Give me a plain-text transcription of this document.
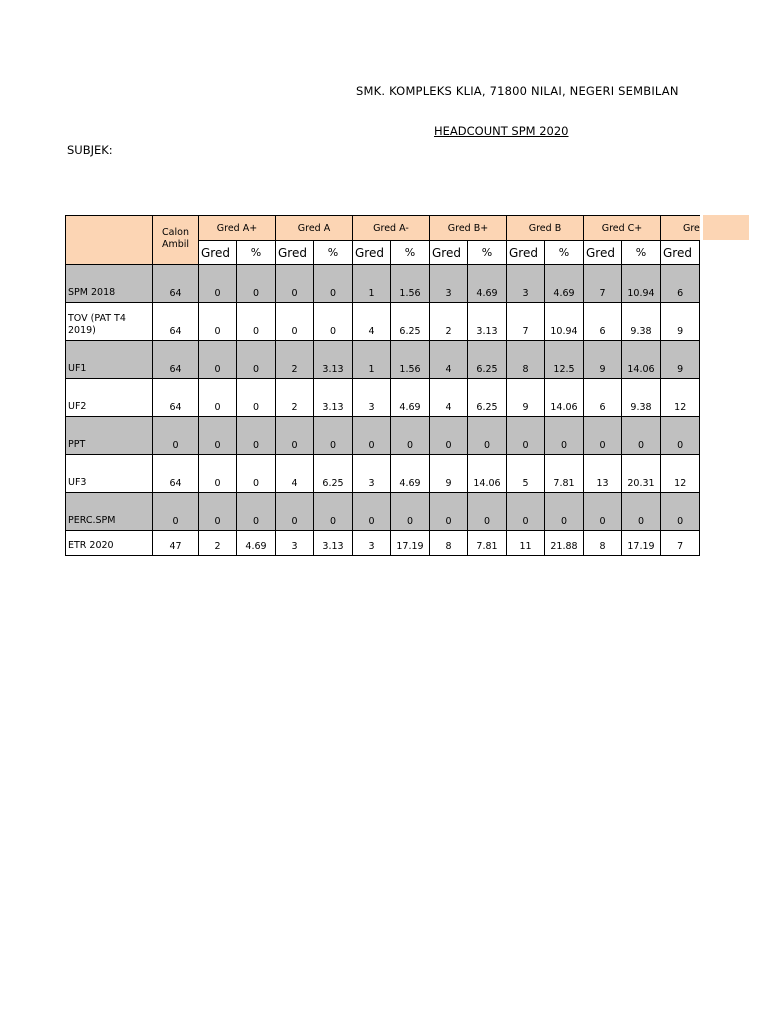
SMK. KOMPLEKS KLIA, 71800 NILAI, NEGERI SEMBILAN
HEADCOUNT SPM 2020
SUBJEK:
	Calon Ambil	Gred A+		Gred A		Gred A-		Gred B+		Gred B		Gred C+		Gre
		Gred	%	Gred	%	Gred	%	Gred	%	Gred	%	Gred	%	Gred
SPM 2018	64	0	0	0	0	1	1.56	3	4.69	3	4.69	7	10.94	6
TOV (PAT T4 2019)	64	0	0	0	0	4	6.25	2	3.13	7	10.94	6	9.38	9
UF1	64	0	0	2	3.13	1	1.56	4	6.25	8	12.5	9	14.06	9
UF2	64	0	0	2	3.13	3	4.69	4	6.25	9	14.06	6	9.38	12
PPT	0	0	0	0	0	0	0	0	0	0	0	0	0	0
UF3	64	0	0	4	6.25	3	4.69	9	14.06	5	7.81	13	20.31	12
PERC.SPM	0	0	0	0	0	0	0	0	0	0	0	0	0	0
ETR 2020	47	2	4.69	3	3.13	3	17.19	8	7.81	11	21.88	8	17.19	7
